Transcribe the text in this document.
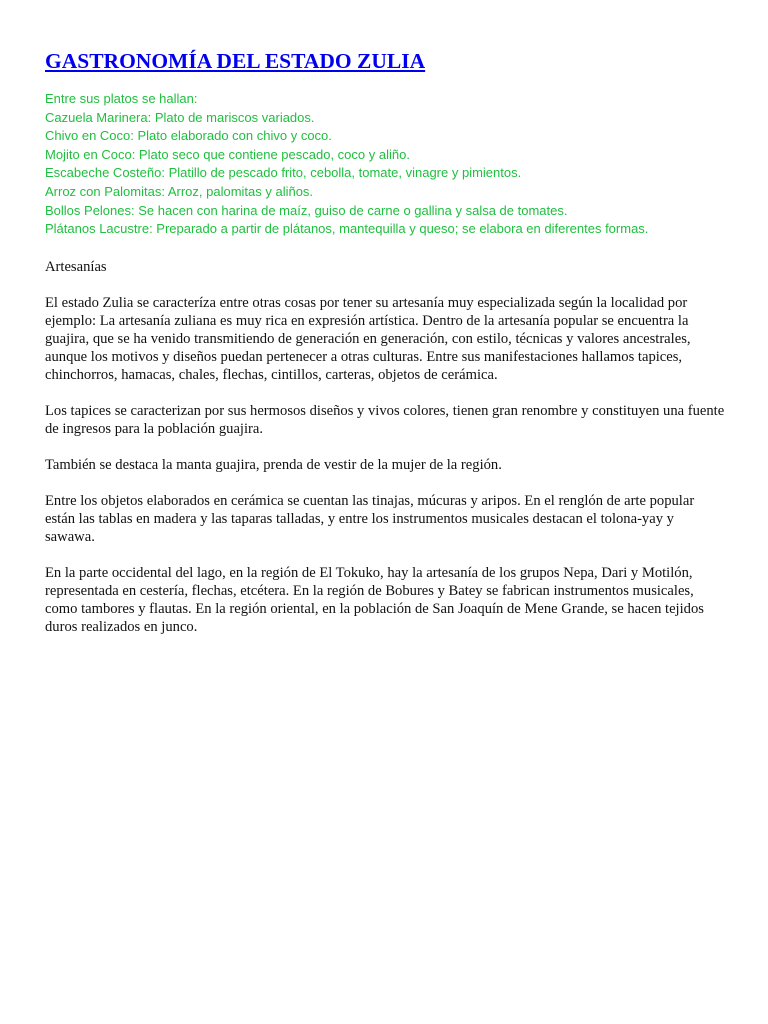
GASTRONOMÍA DEL ESTADO ZULIA
Entre sus platos se hallan:
Cazuela Marinera: Plato de mariscos variados.
Chivo en Coco: Plato elaborado con chivo y coco.
Mojito en Coco: Plato seco que contiene pescado, coco y aliño.
Escabeche Costeño: Platillo de pescado frito, cebolla, tomate, vinagre y pimientos.
Arroz con Palomitas: Arroz, palomitas y aliños.
Bollos Pelones: Se hacen con harina de maíz, guiso de carne o gallina y salsa de tomates.
Plátanos Lacustre: Preparado a partir de plátanos, mantequilla y queso; se elabora en diferentes formas.

Artesanías

El estado Zulia se caracteríza entre otras cosas por tener su artesanía muy especializada según la localidad por ejemplo: La artesanía zuliana es muy rica en expresión artística. Dentro de la artesanía popular se encuentra la guajira, que se ha venido transmitiendo de generación en generación, con estilo, técnicas y valores ancestrales, aunque los motivos y diseños puedan pertenecer a otras culturas. Entre sus manifestaciones hallamos tapices, chinchorros, hamacas, chales, flechas, cintillos, carteras, objetos de cerámica.

Los tapices se caracterizan por sus hermosos diseños y vivos colores, tienen gran renombre y constituyen una fuente de ingresos para la población guajira.

También se destaca la manta guajira, prenda de vestir de la mujer de la región.

Entre los objetos elaborados en cerámica se cuentan las tinajas, múcuras y aripos. En el renglón de arte popular están las tablas en madera y las taparas talladas, y entre los instrumentos musicales destacan el tolona-yay y sawawa.

En la parte occidental del lago, en la región de El Tokuko, hay la artesanía de los grupos Nepa, Dari y Motilón, representada en cestería, flechas, etcétera. En la región de Bobures y Batey se fabrican instrumentos musicales, como tambores y flautas. En la región oriental, en la población de San Joaquín de Mene Grande, se hacen tejidos duros realizados en junco.
